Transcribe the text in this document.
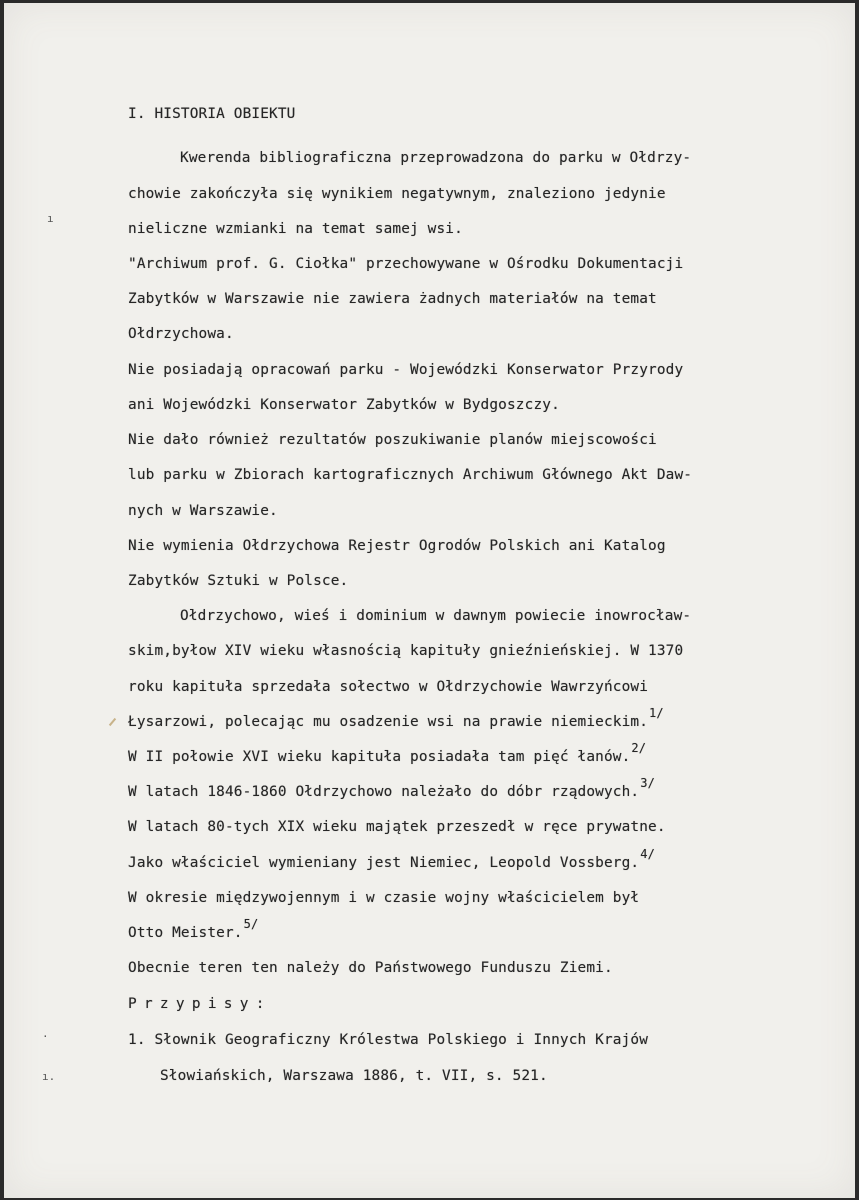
I. HISTORIA OBIEKTU
Kwerenda bibliograficzna przeprowadzona do parku w Ołdrzy-
chowie zakończyła się wynikiem negatywnym, znaleziono jedynie
nieliczne wzmianki na temat samej wsi.
"Archiwum prof. G. Ciołka" przechowywane w Ośrodku Dokumentacji
Zabytków w Warszawie nie zawiera żadnych materiałów na temat
Ołdrzychowa.
Nie posiadają opracowań parku - Wojewódzki Konserwator Przyrody
ani Wojewódzki Konserwator Zabytków w Bydgoszczy.
Nie dało również rezultatów poszukiwanie planów miejscowości
lub parku w Zbiorach kartograficznych Archiwum Głównego Akt Daw-
nych w Warszawie.
Nie wymienia Ołdrzychowa Rejestr Ogrodów Polskich ani Katalog
Zabytków Sztuki w Polsce.
Ołdrzychowo, wieś i dominium w dawnym powiecie inowrocław-
skim,byłow XIV wieku własnością kapituły gnieźnieńskiej. W 1370
roku kapituła sprzedała sołectwo w Ołdrzychowie Wawrzyńcowi
Łysarzowi, polecając mu osadzenie wsi na prawie niemieckim.1/
W II połowie XVI wieku kapituła posiadała tam pięć łanów.2/
W latach 1846-1860 Ołdrzychowo należało do dóbr rządowych.3/
W latach 80-tych XIX wieku majątek przeszedł w ręce prywatne.
Jako właściciel wymieniany jest Niemiec, Leopold Vossberg.4/
W okresie międzywojennym i w czasie wojny właścicielem był
Otto Meister.5/
Obecnie teren ten należy do Państwowego Funduszu Ziemi.
Przypisy:
1. Słownik Geograficzny Królestwa Polskiego i Innych Krajów
Słowiańskich, Warszawa 1886, t. VII, s. 521.
ı
ı.
·
